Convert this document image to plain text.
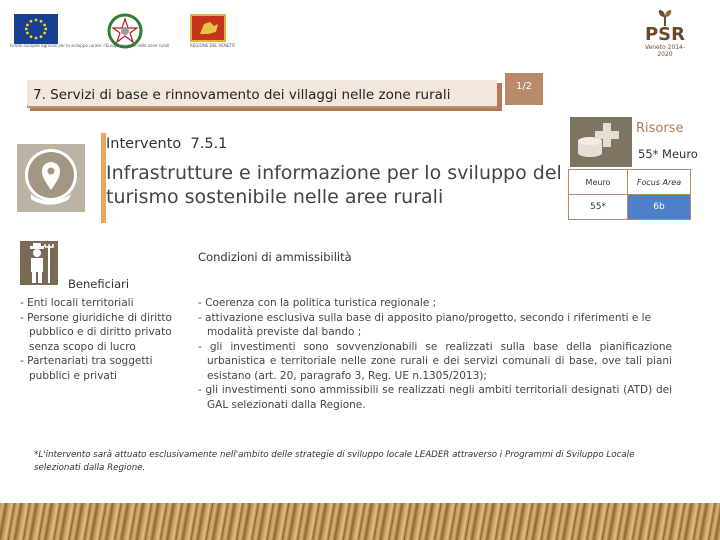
Fondo europeo agricolo per lo sviluppo rurale: l'Europa investe nelle zone rurali	REGIONE DEL VENETO
PSR
Veneto 2014-2020
7. Servizi di base e rinnovamento dei villaggi nelle zone rurali
1/2
Intervento 7.5.1
Infrastrutture e informazione per lo sviluppo del turismo sostenibile nelle aree rurali
Risorse
55* Meuro
Meuro	Focus Area
55*	6b
Beneficiari

- Enti locali territoriali

- Persone giuridiche di diritto pubblico e di diritto privato senza scopo di lucro

- Partenariati tra soggetti pubblici e privati

Condizioni di ammissibilità

- Coerenza con la politica turistica regionale ;

- attivazione esclusiva sulla base di apposito piano/progetto, secondo i riferimenti e le modalità previste dal bando ;

- gli investimenti sono sovvenzionabili se realizzati sulla base della pianificazione urbanistica e territoriale nelle zone rurali e dei servizi comunali di base, ove tali piani esistano (art. 20, paragrafo 3, Reg. UE n.1305/2013);

- gli investimenti sono ammissibili se realizzati negli ambiti territoriali designati (ATD) dei GAL selezionati dalla Regione.

*L'intervento sarà attuato esclusivamente nell'ambito delle strategie di sviluppo locale LEADER attraverso i Programmi di Sviluppo Locale selezionati dalla Regione.
